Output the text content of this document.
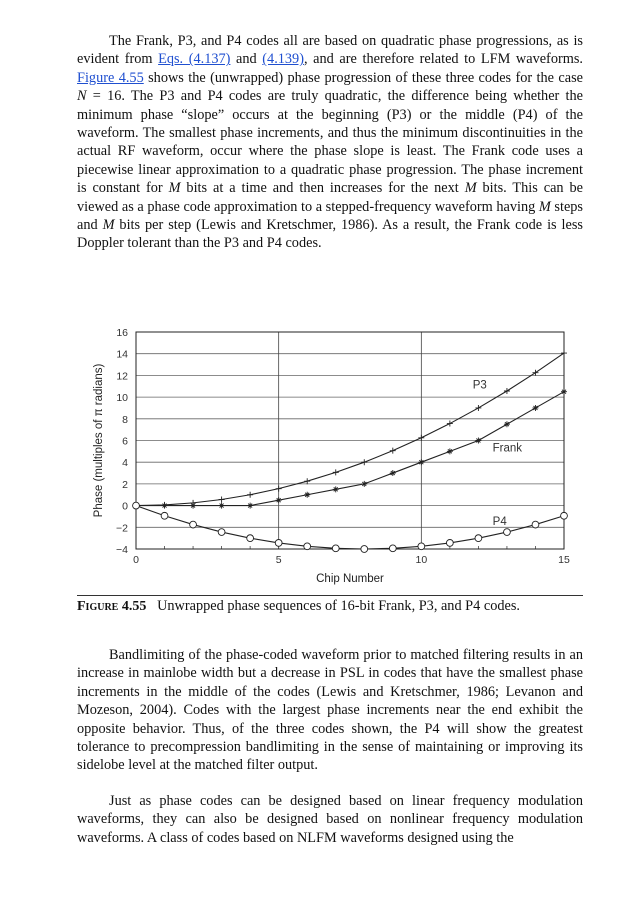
The Frank, P3, and P4 codes all are based on quadratic phase progressions, as is evident from Eqs. (4.137) and (4.139), and are therefore related to LFM waveforms. Figure 4.55 shows the (unwrapped) phase progression of these three codes for the case N = 16. The P3 and P4 codes are truly quadratic, the difference being whether the minimum phase “slope” occurs at the beginning (P3) or the middle (P4) of the waveform. The smallest phase increments, and thus the minimum discontinuities in the actual RF waveform, occur where the phase slope is least. The Frank code uses a piecewise linear approximation to a quadratic phase progression. The phase increment is constant for M bits at a time and then increases for the next M bits. This can be viewed as a phase code approximation to a stepped-frequency waveform having M steps and M bits per step (Lewis and Kretschmer, 1986). As a result, the Frank code is less Doppler tolerant than the P3 and P4 codes.

−4
−2
0
2
4
6
8
10
12
14
16
0	5	10	15
Chip Number
Phase (multiples of π radians)	P3
Frank
P4
Figure 4.55 Unwrapped phase sequences of 16-bit Frank, P3, and P4 codes.

Bandlimiting of the phase-coded waveform prior to matched filtering results in an increase in mainlobe width but a decrease in PSL in codes that have the smallest phase increments in the middle of the codes (Lewis and Kretschmer, 1986; Levanon and Mozeson, 2004). Codes with the largest phase increments near the end exhibit the opposite behavior. Thus, of the three codes shown, the P4 will show the greatest tolerance to precompression bandlimiting in the sense of maintaining or improving its sidelobe level at the matched filter output.

Just as phase codes can be designed based on linear frequency modulation waveforms, they can also be designed based on nonlinear frequency modulation waveforms. A class of codes based on NLFM waveforms designed using the
